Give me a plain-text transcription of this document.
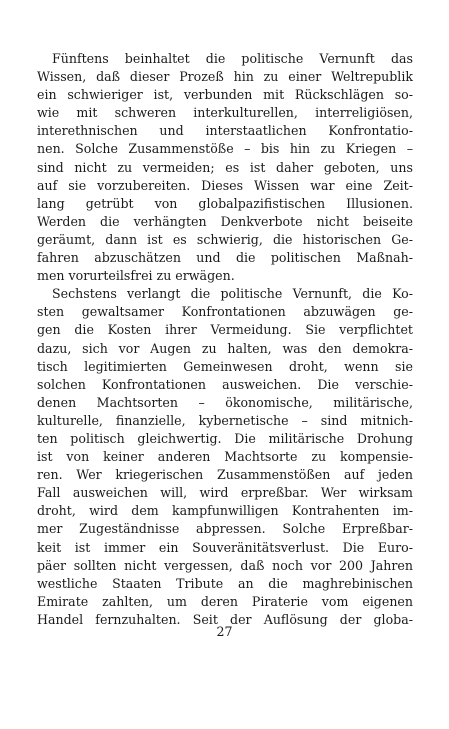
Fünftens beinhaltet die politische Vernunft das
Wissen, daß dieser Prozeß hin zu einer Weltrepublik
ein schwieriger ist, verbunden mit Rückschlägen so-
wie mit schweren interkulturellen, interreligiösen,
interethnischen und interstaatlichen Konfrontatio-
nen. Solche Zusammenstöße – bis hin zu Kriegen –
sind nicht zu vermeiden; es ist daher geboten, uns
auf sie vorzubereiten. Dieses Wissen war eine Zeit-
lang getrübt von globalpazifistischen Illusionen.
Werden die verhängten Denkverbote nicht beiseite
geräumt, dann ist es schwierig, die historischen Ge-
fahren abzuschätzen und die politischen Maßnah-
men vorurteilsfrei zu erwägen.
Sechstens verlangt die politische Vernunft, die Ko-
sten gewaltsamer Konfrontationen abzuwägen ge-
gen die Kosten ihrer Vermeidung. Sie verpflichtet
dazu, sich vor Augen zu halten, was den demokra-
tisch legitimierten Gemeinwesen droht, wenn sie
solchen Konfrontationen ausweichen. Die verschie-
denen Machtsorten – ökonomische, militärische,
kulturelle, finanzielle, kybernetische – sind mitnich-
ten politisch gleichwertig. Die militärische Drohung
ist von keiner anderen Machtsorte zu kompensie-
ren. Wer kriegerischen Zusammenstößen auf jeden
Fall ausweichen will, wird erpreßbar. Wer wirksam
droht, wird dem kampfunwilligen Kontrahenten im-
mer Zugeständnisse abpressen. Solche Erpreßbar-
keit ist immer ein Souveränitätsverlust. Die Euro-
päer sollten nicht vergessen, daß noch vor 200 Jahren
westliche Staaten Tribute an die maghrebinischen
Emirate zahlten, um deren Piraterie vom eigenen
Handel fernzuhalten. Seit der Auflösung der globa-
27
